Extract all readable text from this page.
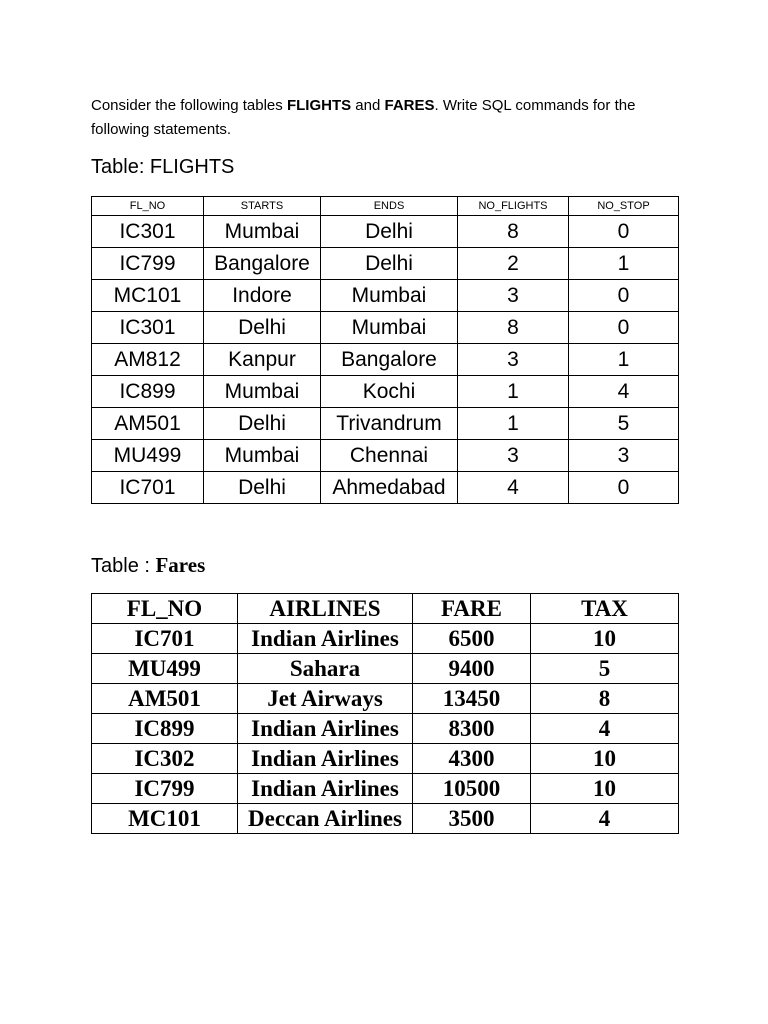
Consider the following tables FLIGHTS and FARES. Write SQL commands for the following statements.
Table: FLIGHTS
FL_NO	STARTS	ENDS	NO_FLIGHTS	NO_STOP
IC301	Mumbai	Delhi	8	0
IC799	Bangalore	Delhi	2	1
MC101	Indore	Mumbai	3	0
IC301	Delhi	Mumbai	8	0
AM812	Kanpur	Bangalore	3	1
IC899	Mumbai	Kochi	1	4
AM501	Delhi	Trivandrum	1	5
MU499	Mumbai	Chennai	3	3
IC701	Delhi	Ahmedabad	4	0
Table : Fares
FL_NO	AIRLINES	FARE	TAX
IC701	Indian Airlines	6500	10
MU499	Sahara	9400	5
AM501	Jet Airways	13450	8
IC899	Indian Airlines	8300	4
IC302	Indian Airlines	4300	10
IC799	Indian Airlines	10500	10
MC101	Deccan Airlines	3500	4
